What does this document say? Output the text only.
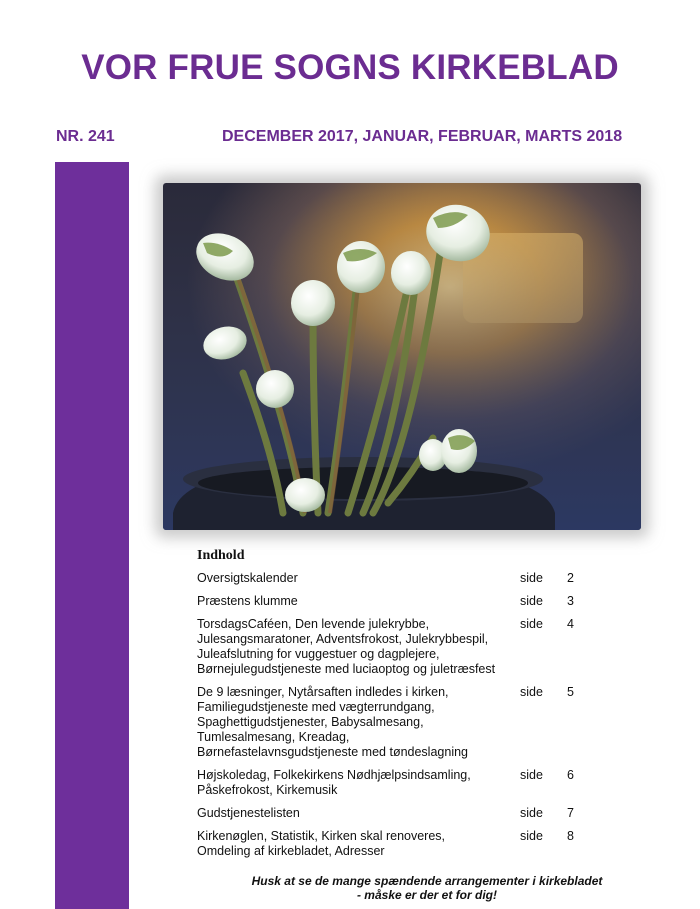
VOR FRUE SOGNS KIRKEBLAD
NR. 241	DECEMBER 2017, JANUAR, FEBRUAR, MARTS 2018
Indhold
Oversigtskalender	side 2
Præstens klumme	side 3
TorsdagsCaféen, Den levende julekrybbe,
Julesangsmaratoner, Adventsfrokost, Julekrybbespil,
Juleafslutning for vuggestuer og dagplejere,
Børnejulegudstjeneste med luciaoptog og juletræsfest
side 4
De 9 læsninger, Nytårsaften indledes i kirken,
Familiegudstjeneste med vægterrundgang,
Spaghettigudstjenester, Babysalmesang,
Tumlesalmesang, Kreadag,
Børnefastelavnsgudstjeneste med tøndeslagning
side 5
Højskoledag, Folkekirkens Nødhjælpsindsamling,
Påskefrokost, Kirkemusik
side 6
Gudstjenestelisten	side 7
Kirkenøglen, Statistik, Kirken skal renoveres,
Omdeling af kirkebladet, Adresser
side 8
Husk at se de mange spændende arrangementer i kirkebladet
- måske er der et for dig!
